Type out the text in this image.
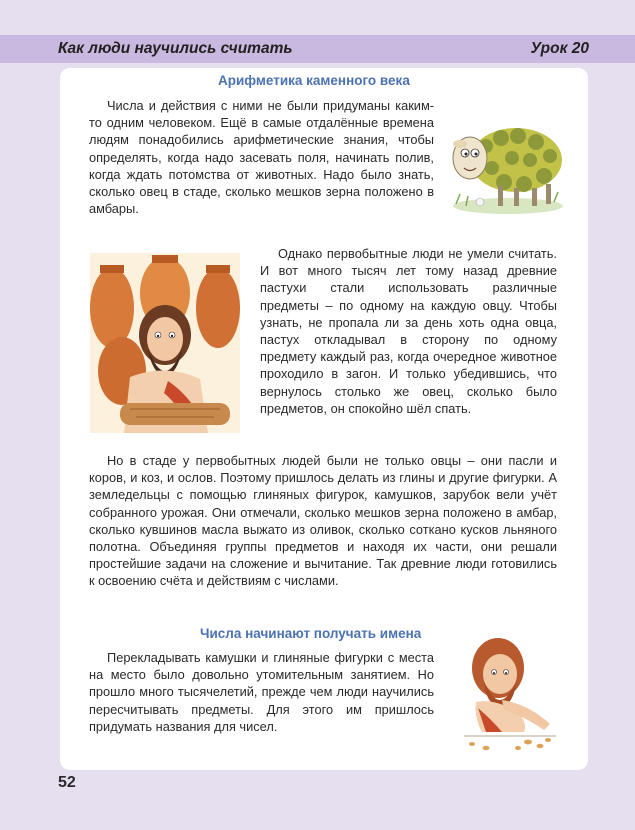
Как люди научились считать	Урок 20
Арифметика каменного века

Числа и действия с ними не были придуманы каким-то одним человеком. Ещё в самые отдалённые времена людям понадобились арифметические знания, чтобы определять, когда надо засевать поля, начинать полив, когда ждать потомства от животных. Надо было знать, сколько овец в стаде, сколько мешков зерна положено в амбары.

Однако первобытные люди не умели считать. И вот много тысяч лет тому назад древние пастухи стали использовать различные предметы – по одному на каждую овцу. Чтобы узнать, не пропала ли за день хоть одна овца, пастух откладывал в сторону по одному предмету каждый раз, когда очередное животное проходило в загон. И только убедившись, что вернулось столько же овец, сколько было предметов, он спокойно шёл спать.

Но в стаде у первобытных людей были не только овцы – они пасли и коров, и коз, и ослов. Поэтому пришлось делать из глины и другие фигурки. А земледельцы с помощью глиняных фигурок, камушков, зарубок вели учёт собранного урожая. Они отмечали, сколько мешков зерна положено в амбар, сколько кувшинов масла выжато из оливок, сколько соткано кусков льняного полотна. Объединяя группы предметов и находя их части, они решали простейшие задачи на сложение и вычитание. Так древние люди готовились к освоению счёта и действиям с числами.

Числа начинают получать имена

Перекладывать камушки и глиняные фигурки с места на место было довольно утомительным занятием. Но прошло много тысячелетий, прежде чем люди научились пересчитывать предметы. Для этого им пришлось придумать названия для чисел.

52
